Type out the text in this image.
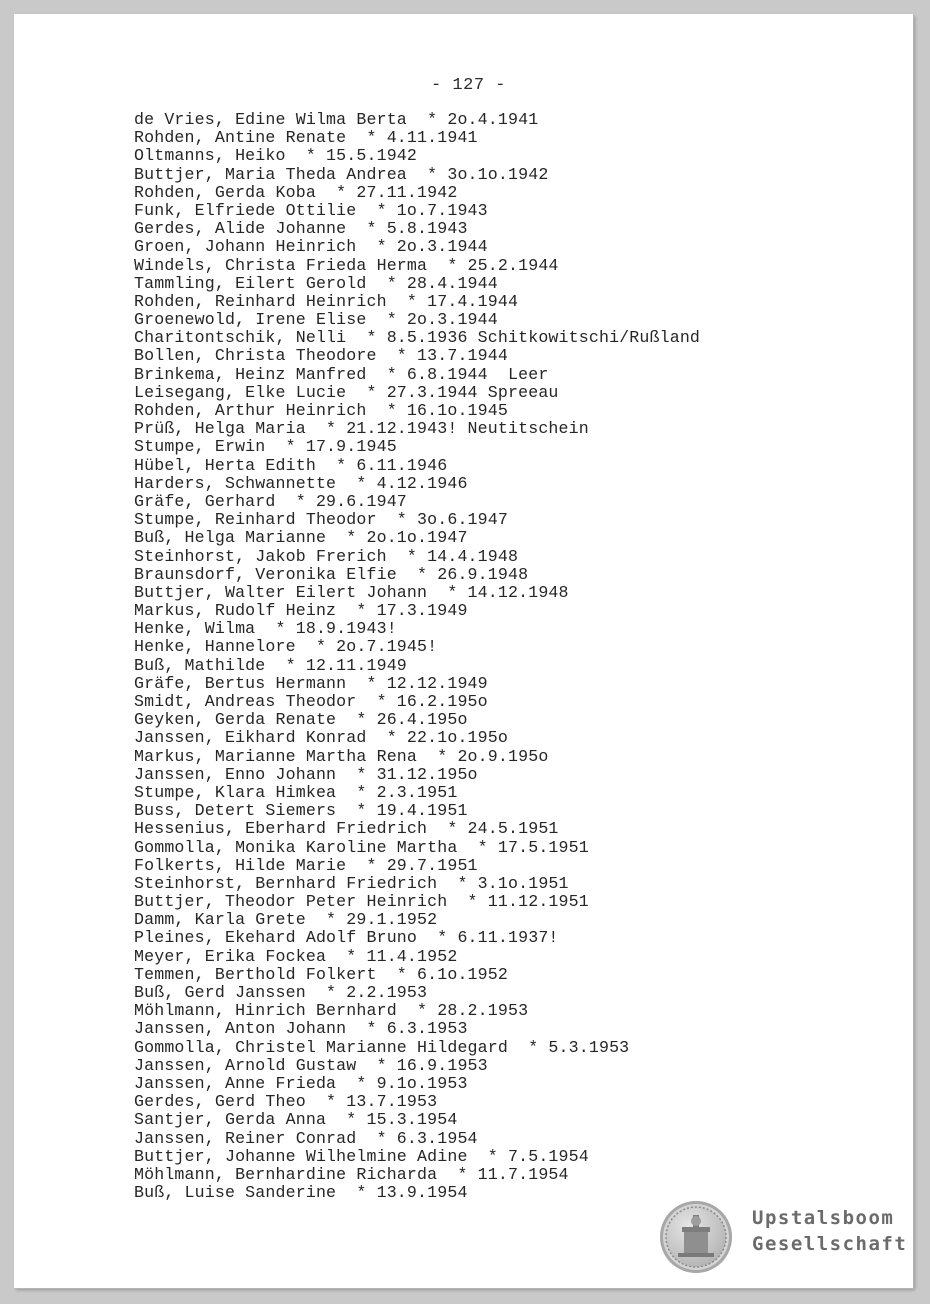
- 127 -
de Vries, Edine Wilma Berta  * 2o.4.1941
Rohden, Antine Renate  * 4.11.1941
Oltmanns, Heiko  * 15.5.1942
Buttjer, Maria Theda Andrea  * 3o.1o.1942
Rohden, Gerda Koba  * 27.11.1942
Funk, Elfriede Ottilie  * 1o.7.1943
Gerdes, Alide Johanne  * 5.8.1943
Groen, Johann Heinrich  * 2o.3.1944
Windels, Christa Frieda Herma  * 25.2.1944
Tammling, Eilert Gerold  * 28.4.1944
Rohden, Reinhard Heinrich  * 17.4.1944
Groenewold, Irene Elise  * 2o.3.1944
Charitontschik, Nelli  * 8.5.1936 Schitkowitschi/Rußland
Bollen, Christa Theodore  * 13.7.1944
Brinkema, Heinz Manfred  * 6.8.1944  Leer
Leisegang, Elke Lucie  * 27.3.1944 Spreeau
Rohden, Arthur Heinrich  * 16.1o.1945
Prüß, Helga Maria  * 21.12.1943! Neutitschein
Stumpe, Erwin  * 17.9.1945
Hübel, Herta Edith  * 6.11.1946
Harders, Schwannette  * 4.12.1946
Gräfe, Gerhard  * 29.6.1947
Stumpe, Reinhard Theodor  * 3o.6.1947
Buß, Helga Marianne  * 2o.1o.1947
Steinhorst, Jakob Frerich  * 14.4.1948
Braunsdorf, Veronika Elfie  * 26.9.1948
Buttjer, Walter Eilert Johann  * 14.12.1948
Markus, Rudolf Heinz  * 17.3.1949
Henke, Wilma  * 18.9.1943!
Henke, Hannelore  * 2o.7.1945!
Buß, Mathilde  * 12.11.1949
Gräfe, Bertus Hermann  * 12.12.1949
Smidt, Andreas Theodor  * 16.2.195o
Geyken, Gerda Renate  * 26.4.195o
Janssen, Eikhard Konrad  * 22.1o.195o
Markus, Marianne Martha Rena  * 2o.9.195o
Janssen, Enno Johann  * 31.12.195o
Stumpe, Klara Himkea  * 2.3.1951
Buss, Detert Siemers  * 19.4.1951
Hessenius, Eberhard Friedrich  * 24.5.1951
Gommolla, Monika Karoline Martha  * 17.5.1951
Folkerts, Hilde Marie  * 29.7.1951
Steinhorst, Bernhard Friedrich  * 3.1o.1951
Buttjer, Theodor Peter Heinrich  * 11.12.1951
Damm, Karla Grete  * 29.1.1952
Pleines, Ekehard Adolf Bruno  * 6.11.1937!
Meyer, Erika Fockea  * 11.4.1952
Temmen, Berthold Folkert  * 6.1o.1952
Buß, Gerd Janssen  * 2.2.1953
Möhlmann, Hinrich Bernhard  * 28.2.1953
Janssen, Anton Johann  * 6.3.1953
Gommolla, Christel Marianne Hildegard  * 5.3.1953
Janssen, Arnold Gustaw  * 16.9.1953
Janssen, Anne Frieda  * 9.1o.1953
Gerdes, Gerd Theo  * 13.7.1953
Santjer, Gerda Anna  * 15.3.1954
Janssen, Reiner Conrad  * 6.3.1954
Buttjer, Johanne Wilhelmine Adine  * 7.5.1954
Möhlmann, Bernhardine Richarda  * 11.7.1954
Buß, Luise Sanderine  * 13.9.1954
Upstalsboom
Gesellschaft
